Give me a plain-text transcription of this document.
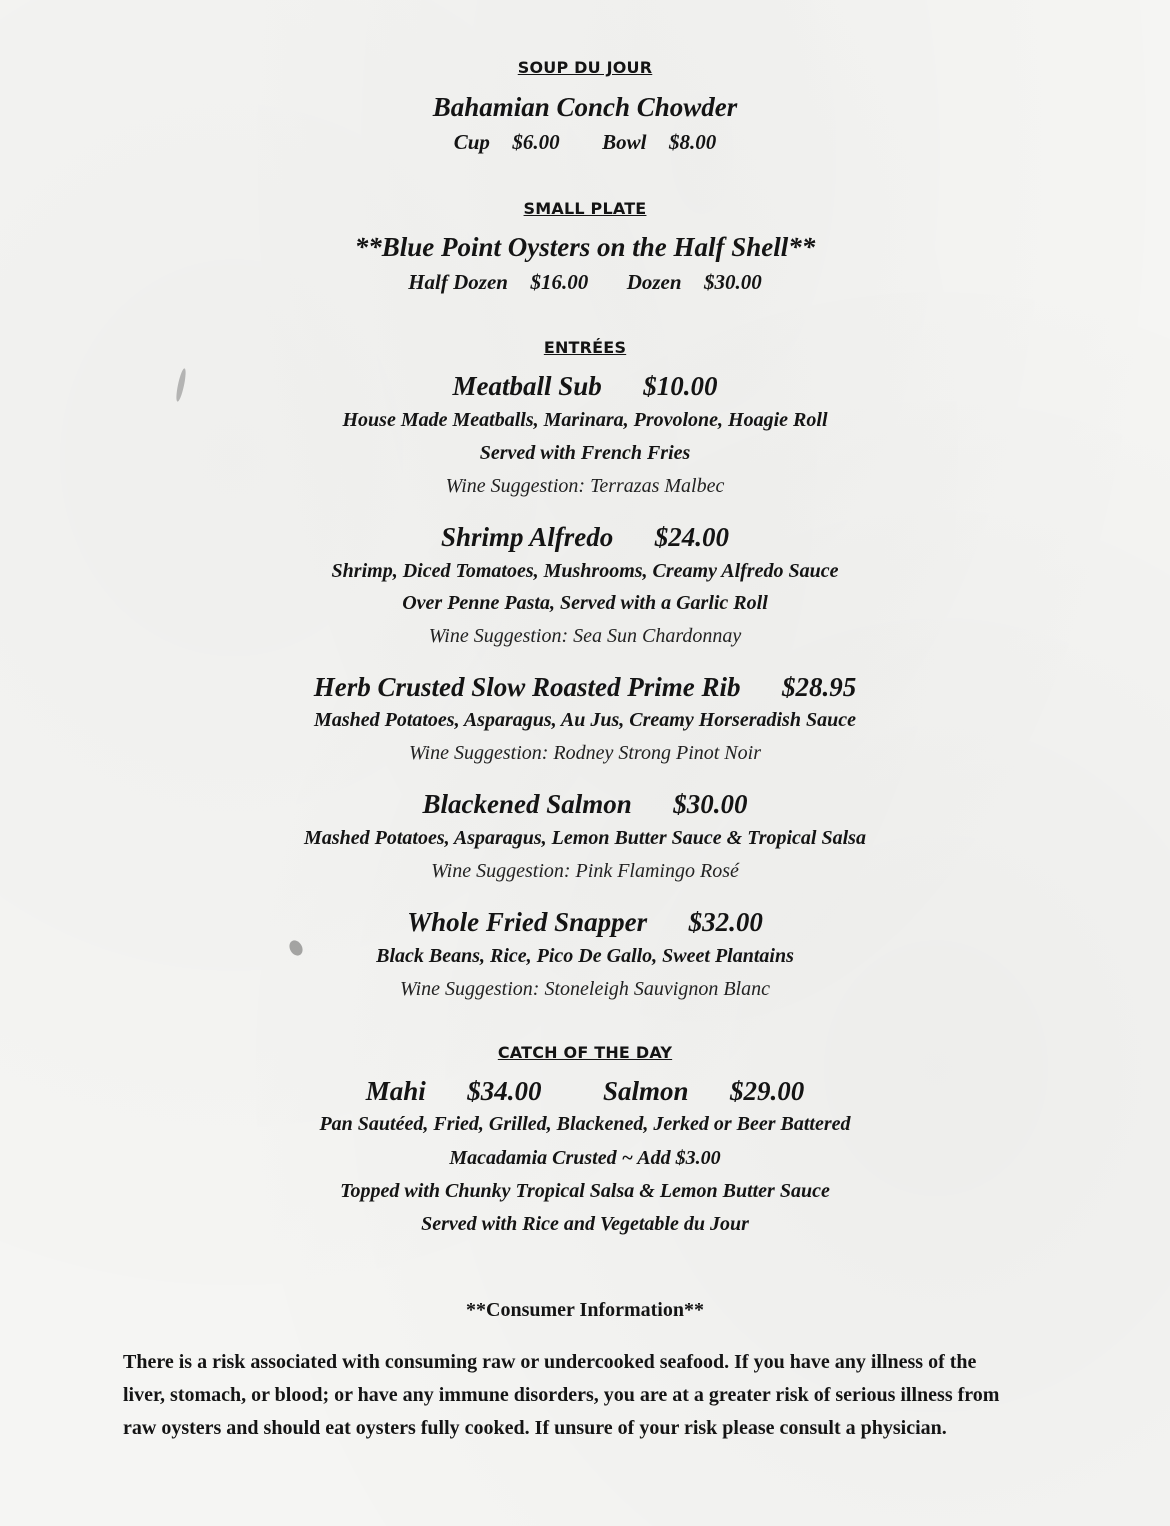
SOUP DU JOUR
Bahamian Conch Chowder
Cup $6.00 Bowl $8.00
SMALL PLATE
**Blue Point Oysters on the Half Shell**
Half Dozen $16.00 Dozen $30.00
ENTRÉES
Meatball Sub $10.00
House Made Meatballs, Marinara, Provolone, Hoagie Roll
Served with French Fries
Wine Suggestion: Terrazas Malbec
Shrimp Alfredo $24.00
Shrimp, Diced Tomatoes, Mushrooms, Creamy Alfredo Sauce
Over Penne Pasta, Served with a Garlic Roll
Wine Suggestion: Sea Sun Chardonnay
Herb Crusted Slow Roasted Prime Rib $28.95
Mashed Potatoes, Asparagus, Au Jus, Creamy Horseradish Sauce
Wine Suggestion: Rodney Strong Pinot Noir
Blackened Salmon $30.00
Mashed Potatoes, Asparagus, Lemon Butter Sauce & Tropical Salsa
Wine Suggestion: Pink Flamingo Rosé
Whole Fried Snapper $32.00
Black Beans, Rice, Pico De Gallo, Sweet Plantains
Wine Suggestion: Stoneleigh Sauvignon Blanc
CATCH OF THE DAY
Mahi $34.00 Salmon $29.00
Pan Sautéed, Fried, Grilled, Blackened, Jerked or Beer Battered
Macadamia Crusted ~ Add $3.00
Topped with Chunky Tropical Salsa & Lemon Butter Sauce
Served with Rice and Vegetable du Jour
**Consumer Information**
There is a risk associated with consuming raw or undercooked seafood. If you have any illness of the liver, stomach, or blood; or have any immune disorders, you are at a greater risk of serious illness from raw oysters and should eat oysters fully cooked. If unsure of your risk please consult a physician.
